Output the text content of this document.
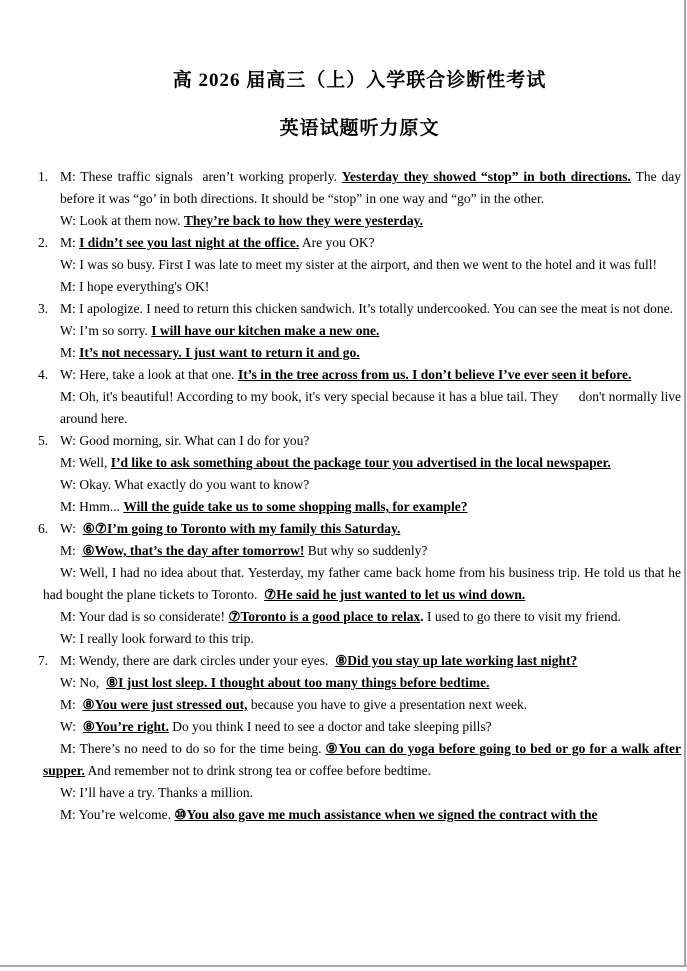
高 2026 届高三（上）入学联合诊断性考试
英语试题听力原文
1. M: These traffic signals  aren’t working properly. Yesterday they showed “stop” in both directions. The day before it was “go’ in both directions. It should be “stop” in one way and “go” in the other.

W: Look at them now. They’re back to how they were yesterday.

2. M: I didn’t see you last night at the office. Are you OK?

W: I was so busy. First I was late to meet my sister at the airport, and then we went to the hotel and it was full!

M: I hope everything's OK!

3. M: I apologize. I need to return this chicken sandwich. It’s totally undercooked. You can see the meat is not done.

W: I’m so sorry. I will have our kitchen make a new one.

M: It’s not necessary. I just want to return it and go.

4. W: Here, take a look at that one. It’s in the tree across from us. I don’t believe I’ve ever seen it before.

M: Oh, it's beautiful! According to my book, it's very special because it has a blue tail. They      don't normally live around here.

5. W: Good morning, sir. What can I do for you?

M: Well, I’d like to ask something about the package tour you advertised in the local newspaper.

W: Okay. What exactly do you want to know?

M: Hmm... Will the guide take us to some shopping malls, for example?

6. W:  ⑥⑦I’m going to Toronto with my family this Saturday.

M:  ⑥Wow, that’s the day after tomorrow! But why so suddenly?

W: Well, I had no idea about that. Yesterday, my father came back home from his business trip. He told us that he had bought the plane tickets to Toronto.  ⑦He said he just wanted to let us wind down.

M: Your dad is so considerate! ⑦Toronto is a good place to relax. I used to go there to visit my friend.

W: I really look forward to this trip.

7. M: Wendy, there are dark circles under your eyes.  ⑧Did you stay up late working last night?

W: No,  ⑧I just lost sleep. I thought about too many things before bedtime.

M:  ⑧You were just stressed out, because you have to give a presentation next week.

W:  ⑧You’re right. Do you think I need to see a doctor and take sleeping pills?

M: There’s no need to do so for the time being. ⑨You can do yoga before going to bed or go for a walk after supper. And remember not to drink strong tea or coffee before bedtime.

W: I’ll have a try. Thanks a million.

M: You’re welcome. ⑩You also gave me much assistance when we signed the contract with the
